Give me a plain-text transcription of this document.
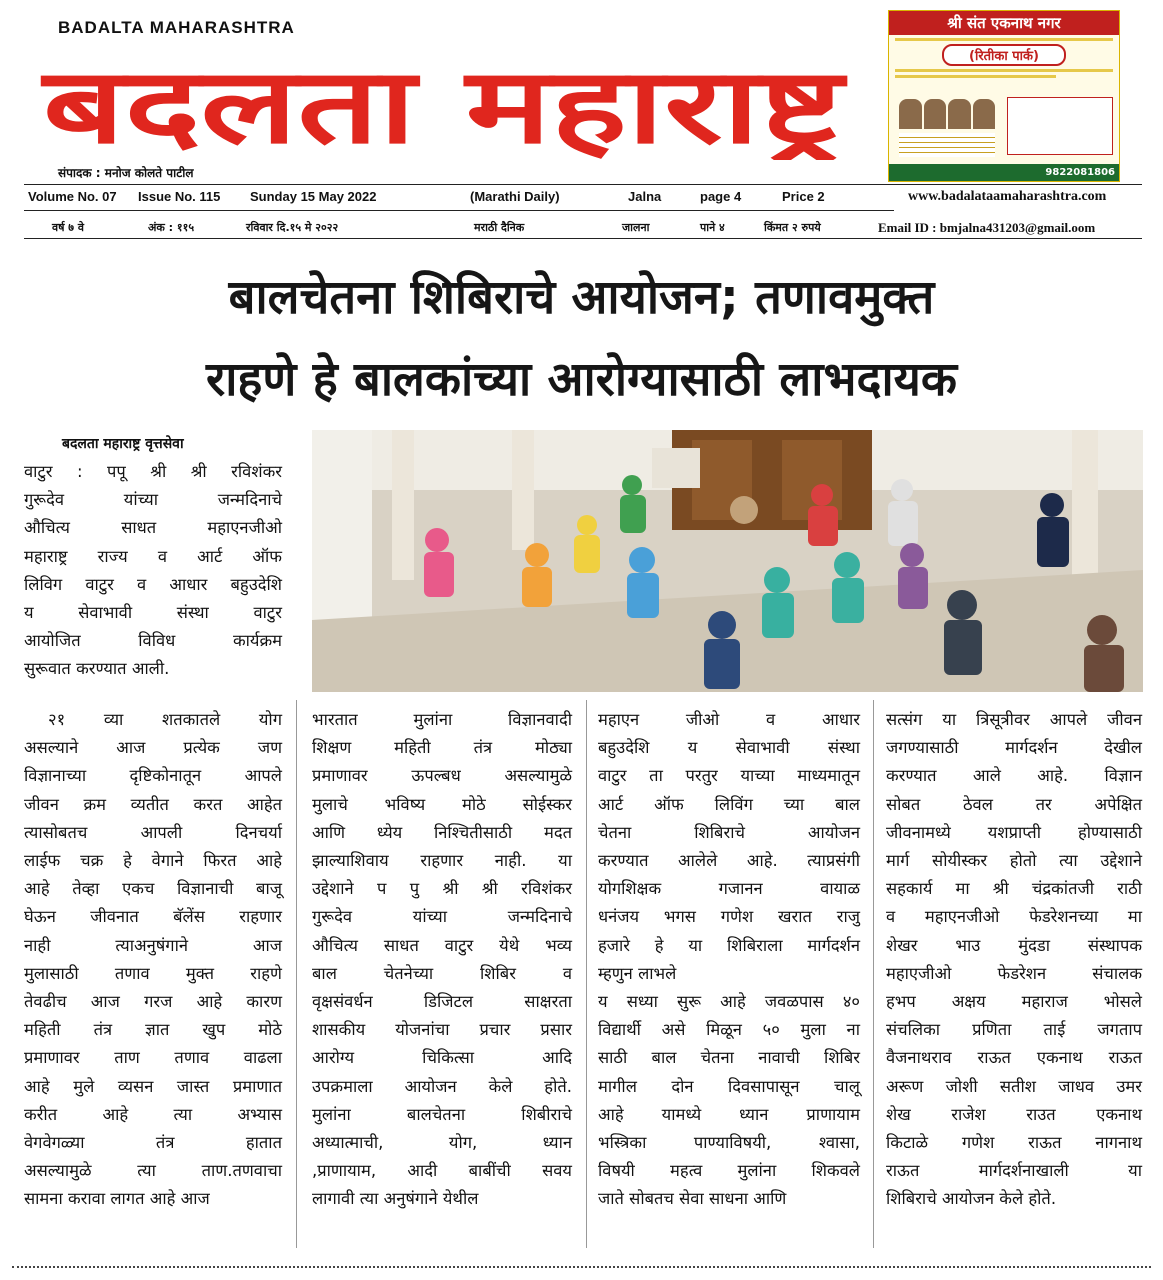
BADALTA MAHARASHTRA
बदलता महाराष्ट्र
संपादक : मनोज कोलते पाटील
श्री संत एकनाथ नगर
(रितीका पार्क)
9822081806
Volume No. 07 Issue No. 115 Sunday 15 May 2022	(Marathi Daily)	Jalna	page 4	Price 2	www.badalataamaharashtra.com
वर्ष ७ वे	अंक : ११५	रविवार दि.१५ मे २०२२	मराठी दैनिक	जालना	पाने ४	किंमत २ रुपये	Email ID : bmjalna431203@gmail.oom
बालचेतना शिबिराचे आयोजन; तणावमुक्त
राहणे हे बालकांच्या आरोग्यासाठी लाभदायक
बदलता महाराष्ट्र वृत्तसेवा

वाटुर : पपू श्री श्री रविशंकर

गुरूदेव यांच्या जन्मदिनाचे

औचित्य साधत महाएनजीओ

महाराष्ट्र राज्य व आर्ट ऑफ

लिविग वाटुर व आधार बहुउदेशि

य सेवाभावी संस्था वाटुर

आयोजित विविध कार्यक्रम

सुरूवात करण्यात आली.

२१ व्या शतकातले योग

असल्याने आज प्रत्येक जण

विज्ञानाच्या दृष्टिकोनातून आपले

जीवन क्रम व्यतीत करत आहेत

त्यासोबतच आपली दिनचर्या

लाईफ चक्र हे वेगाने फिरत आहे

आहे तेव्हा एकच विज्ञानाची बाजू

घेऊन जीवनात बॅलेंस राहणार

नाही त्याअनुषंगाने आज

मुलासाठी तणाव मुक्त राहणे

तेवढीच आज गरज आहे कारण

महिती तंत्र ज्ञात खुप मोठे

प्रमाणावर ताण तणाव वाढला

आहे मुले व्यसन जास्त प्रमाणात

करीत आहे त्या अभ्यास

वेगवेगळ्या तंत्र हातात

असल्यामुळे त्या ताण.तणवाचा

सामना करावा लागत आहे आज

भारतात मुलांना विज्ञानवादी

शिक्षण महिती तंत्र मोठ्या

प्रमाणावर ऊपल्बध असल्यामुळे

मुलाचे भविष्य मोठे सोईस्कर

आणि ध्येय निश्चितीसाठी मदत

झाल्याशिवाय राहणार नाही. या

उद्देशाने प पु श्री श्री रविशंकर

गुरूदेव यांच्या जन्मदिनाचे

औचित्य साधत वाटुर येथे भव्य

बाल चेतनेच्या शिबिर व

वृक्षसंवर्धन डिजिटल साक्षरता

शासकीय योजनांचा प्रचार प्रसार

आरोग्य चिकित्सा आदि

उपक्रमाला आयोजन केले होते.

मुलांना बालचेतना शिबीराचे

अध्यात्माची, योग, ध्यान

,प्राणायाम, आदी बाबींची सवय

लागावी त्या अनुषंगाने येथील

महाएन जीओ व आधार

बहुउदेशि य सेवाभावी संस्था

वाटुर ता परतुर याच्या माध्यमातून

आर्ट ऑफ लिविंग च्या बाल

चेतना शिबिराचे आयोजन

करण्यात आलेले आहे. त्याप्रसंगी

योगशिक्षक गजानन वायाळ

धनंजय भगस गणेश खरात राजु

हजारे हे या शिबिराला मार्गदर्शन

म्हणुन लाभले

य सध्या सुरू आहे जवळपास ४०

विद्यार्थी असे मिळून ५० मुला ना

साठी बाल चेतना नावाची शिबिर

मागील दोन दिवसापासून चालू

आहे यामध्ये ध्यान प्राणायाम

भस्त्रिका पाण्याविषयी, श्वासा,

विषयी महत्व मुलांना शिकवले

जाते सोबतच सेवा साधना आणि

सत्संग या त्रिसूत्रीवर आपले जीवन

जगण्यासाठी मार्गदर्शन देखील

करण्यात आले आहे. विज्ञान

सोबत ठेवल तर अपेक्षित

जीवनामध्ये यशप्राप्ती होण्यासाठी

मार्ग सोयीस्कर होतो त्या उद्देशाने

सहकार्य मा श्री चंद्रकांतजी राठी

व महाएनजीओ फेडरेशनच्या मा

शेखर भाउ मुंदडा संस्थापक

महाएजीओ फेडरेशन संचालक

हभप अक्षय महाराज भोसले

संचलिका प्रणिता ताई जगताप

वैजनाथराव राऊत एकनाथ राऊत

अरूण जोशी सतीश जाधव उमर

शेख राजेश राउत एकनाथ

किटाळे गणेश राऊत नागनाथ

राऊत मार्गदर्शनाखाली या

शिबिराचे आयोजन केले होते.
